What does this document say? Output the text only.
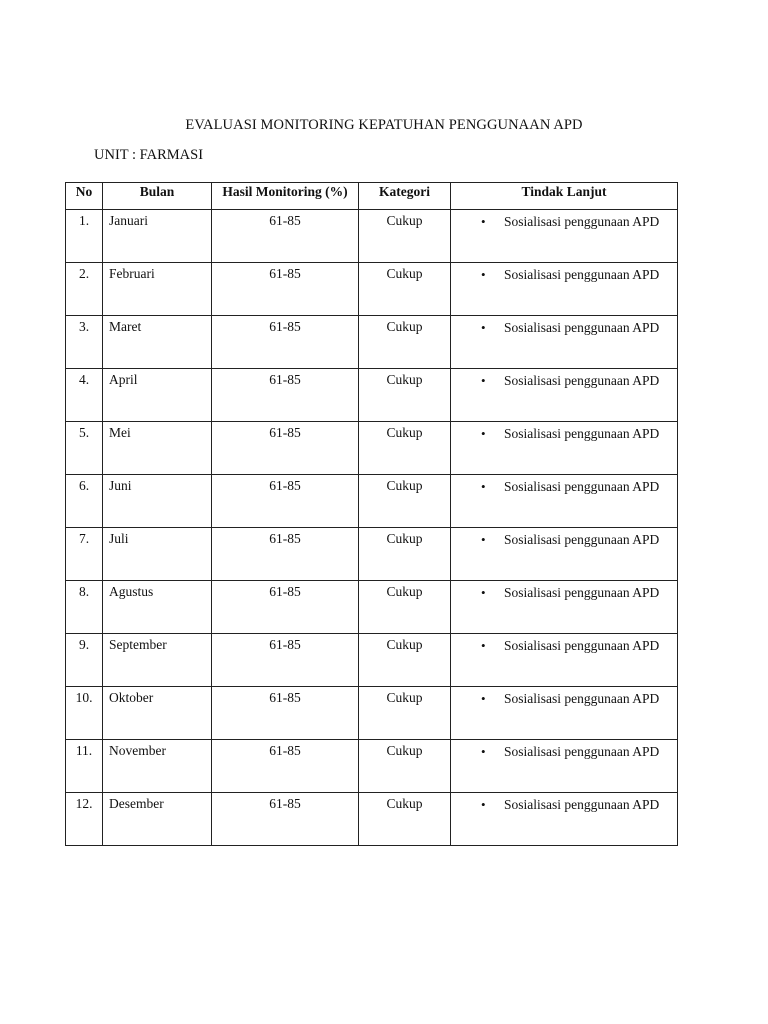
EVALUASI MONITORING KEPATUHAN PENGGUNAAN APD
UNIT : FARMASI
No	Bulan	Hasil Monitoring (%)	Kategori	Tindak Lanjut
1.	Januari	61-85	Cukup	• Sosialisasi penggunaan APD

2.	Februari	61-85	Cukup	• Sosialisasi penggunaan APD

3.	Maret	61-85	Cukup	• Sosialisasi penggunaan APD

4.	April	61-85	Cukup	• Sosialisasi penggunaan APD

5.	Mei	61-85	Cukup	• Sosialisasi penggunaan APD

6.	Juni	61-85	Cukup	• Sosialisasi penggunaan APD

7.	Juli	61-85	Cukup	• Sosialisasi penggunaan APD

8.	Agustus	61-85	Cukup	• Sosialisasi penggunaan APD

9.	September	61-85	Cukup	• Sosialisasi penggunaan APD

10.	Oktober	61-85	Cukup	• Sosialisasi penggunaan APD

11.	November	61-85	Cukup	• Sosialisasi penggunaan APD

12.	Desember	61-85	Cukup	• Sosialisasi penggunaan APD
